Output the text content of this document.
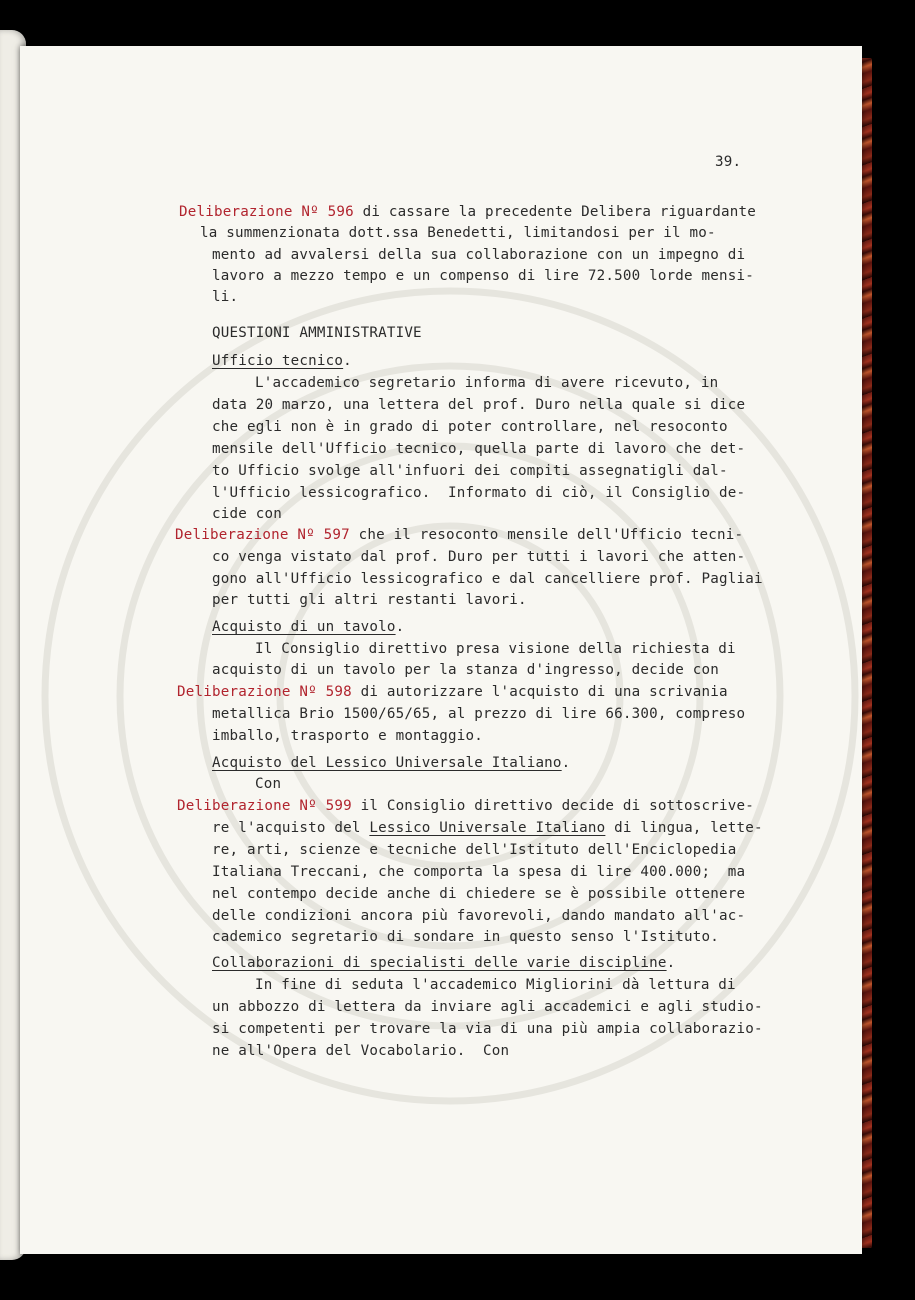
39.
Deliberazione Nº 596 di cassare la precedente Delibera riguardante
la summenzionata dott.ssa Benedetti, limitandosi per il mo-
mento ad avvalersi della sua collaborazione con un impegno di
lavoro a mezzo tempo e un compenso di lire 72.500 lorde mensi-
li.
QUESTIONI AMMINISTRATIVE
Ufficio tecnico.
L'accademico segretario informa di avere ricevuto, in
data 20 marzo, una lettera del prof. Duro nella quale si dice
che egli non è in grado di poter controllare, nel resoconto
mensile dell'Ufficio tecnico, quella parte di lavoro che det-
to Ufficio svolge all'infuori dei compiti assegnatigli dal-
l'Ufficio lessicografico.  Informato di ciò, il Consiglio de-
cide con
Deliberazione Nº 597 che il resoconto mensile dell'Ufficio tecni-
co venga vistato dal prof. Duro per tutti i lavori che atten-
gono all'Ufficio lessicografico e dal cancelliere prof. Pagliai
per tutti gli altri restanti lavori.
Acquisto di un tavolo.
Il Consiglio direttivo presa visione della richiesta di
acquisto di un tavolo per la stanza d'ingresso, decide con
Deliberazione Nº 598 di autorizzare l'acquisto di una scrivania
metallica Brio 1500/65/65, al prezzo di lire 66.300, compreso
imballo, trasporto e montaggio.
Acquisto del Lessico Universale Italiano.
Con
Deliberazione Nº 599 il Consiglio direttivo decide di sottoscrive-
re l'acquisto del Lessico Universale Italiano di lingua, lette-
re, arti, scienze e tecniche dell'Istituto dell'Enciclopedia
Italiana Treccani, che comporta la spesa di lire 400.000;  ma
nel contempo decide anche di chiedere se è possibile ottenere
delle condizioni ancora più favorevoli, dando mandato all'ac-
cademico segretario di sondare in questo senso l'Istituto.
Collaborazioni di specialisti delle varie discipline.
In fine di seduta l'accademico Migliorini dà lettura di
un abbozzo di lettera da inviare agli accademici e agli studio-
si competenti per trovare la via di una più ampia collaborazio-
ne all'Opera del Vocabolario.  Con
